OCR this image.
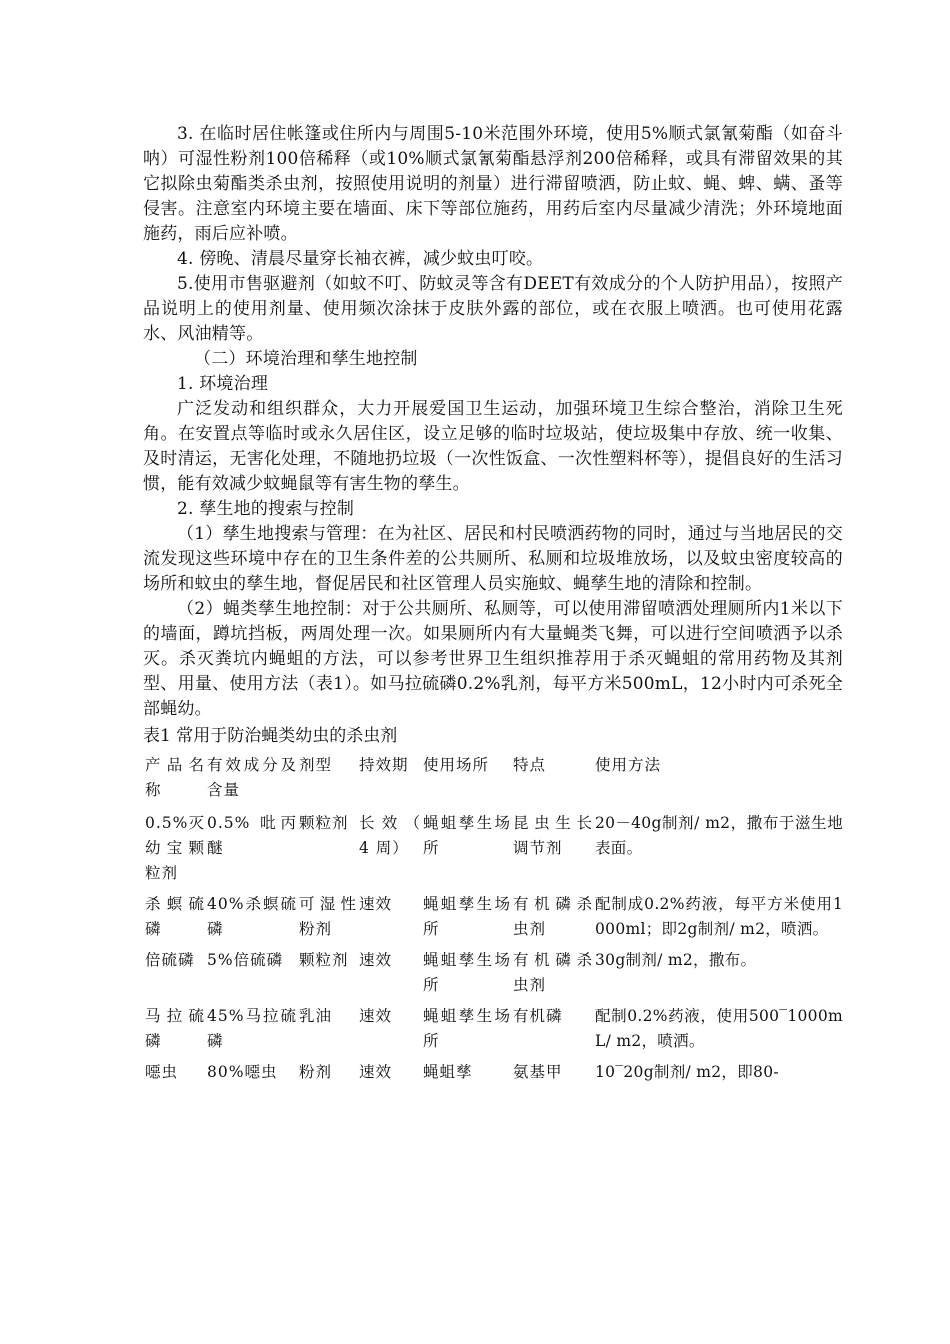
3. 在临时居住帐篷或住所内与周围5-10米范围外环境，使用5%顺式氯氰菊酯（如奋斗呐）可湿性粉剂100倍稀释（或10%顺式氯氰菊酯悬浮剂200倍稀释，或具有滞留效果的其它拟除虫菊酯类杀虫剂，按照使用说明的剂量）进行滞留喷洒，防止蚊、蝇、蜱、螨、蚤等侵害。注意室内环境主要在墙面、床下等部位施药，用药后室内尽量减少清洗；外环境地面施药，雨后应补喷。

4. 傍晚、清晨尽量穿长袖衣裤，减少蚊虫叮咬。

5.使用市售驱避剂（如蚊不叮、防蚊灵等含有DEET有效成分的个人防护用品），按照产品说明上的使用剂量、使用频次涂抹于皮肤外露的部位，或在衣服上喷洒。也可使用花露水、风油精等。

（二）环境治理和孳生地控制

1. 环境治理

广泛发动和组织群众，大力开展爱国卫生运动，加强环境卫生综合整治，消除卫生死角。在安置点等临时或永久居住区，设立足够的临时垃圾站，使垃圾集中存放、统一收集、及时清运，无害化处理，不随地扔垃圾（一次性饭盒、一次性塑料杯等），提倡良好的生活习惯，能有效减少蚊蝇鼠等有害生物的孳生。

2. 孳生地的搜索与控制

（1）孳生地搜索与管理：在为社区、居民和村民喷洒药物的同时，通过与当地居民的交流发现这些环境中存在的卫生条件差的公共厕所、私厕和垃圾堆放场，以及蚊虫密度较高的场所和蚊虫的孳生地，督促居民和社区管理人员实施蚊、蝇孳生地的清除和控制。

（2）蝇类孳生地控制：对于公共厕所、私厕等，可以使用滞留喷洒处理厕所内1米以下的墙面，蹲坑挡板，两周处理一次。如果厕所内有大量蝇类飞舞，可以进行空间喷洒予以杀灭。杀灭粪坑内蝇蛆的方法，可以参考世界卫生组织推荐用于杀灭蝇蛆的常用药物及其剂型、用量、使用方法（表1）。如马拉硫磷0.2%乳剂，每平方米500mL，12小时内可杀死全部蝇幼。

表1 常用于防治蝇类幼虫的杀虫剂

产品名称	有效成分及含量	剂型	持效期	使用场所	特点	使用方法
0.5%灭幼宝颗粒剂	0.5% 吡丙醚	颗粒剂	长效（ 4 周）	蝇蛆孳生场所	昆虫生长调节剂	20－40g制剂/ m2，撒布于滋生地表面。
杀螟硫磷	40%杀螟硫磷	可湿性粉剂	速效	蝇蛆孳生场所	有机磷杀虫剂	配制成0.2%药液，每平方米使用1000ml；即2g制剂/ m2，喷洒。
倍硫磷	5%倍硫磷	颗粒剂	速效	蝇蛆孳生场所	有机磷杀虫剂	30g制剂/ m2，撒布。
马拉硫磷	45%马拉硫磷	乳油	速效	蝇蛆孳生场所	有机磷	配制0.2%药液，使用500‾1000mL/ m2，喷洒。
噁虫	80%噁虫	粉剂	速效	蝇蛆孳	氨基甲	10‾20g制剂/ m2，即80-
